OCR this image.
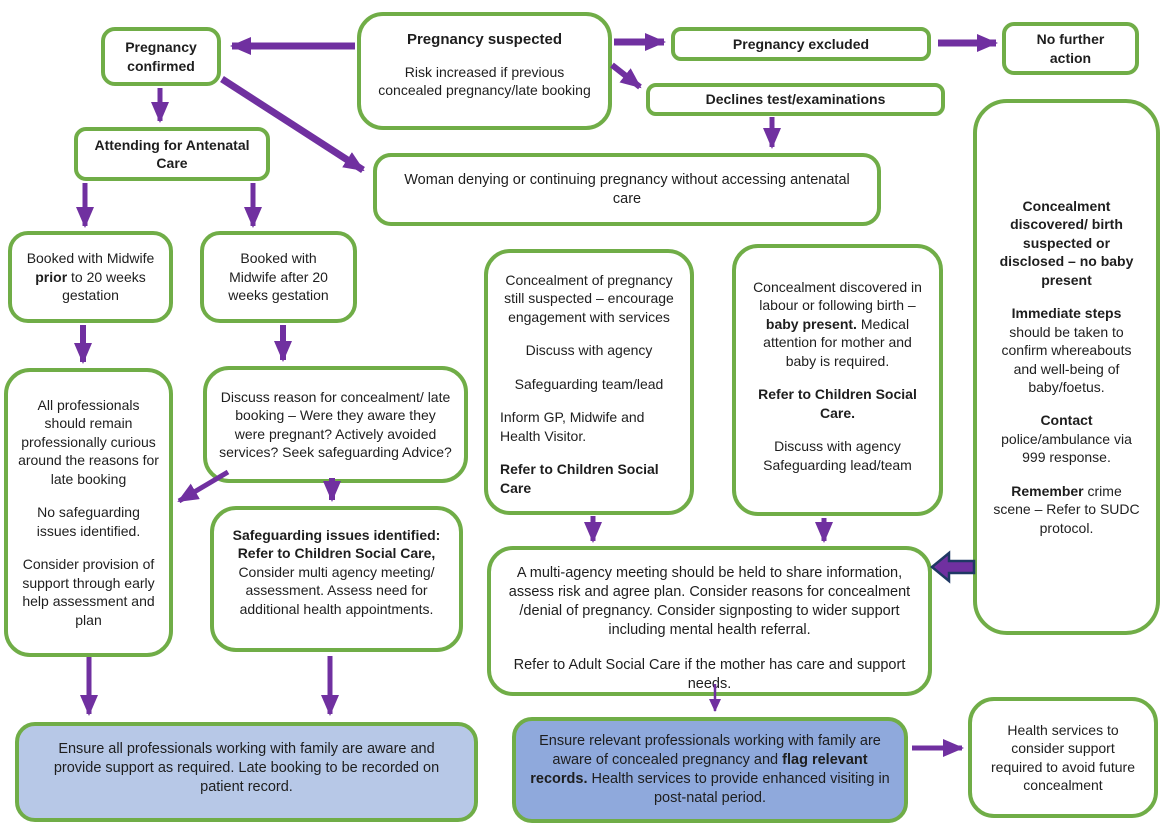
Pregnancy confirmed

Pregnancy suspected

Risk increased if previous concealed pregnancy/late booking

Pregnancy excluded	No further action
Declines test/examinations
Attending for Antenatal Care
Woman denying or continuing pregnancy without accessing antenatal care
Booked with Midwife prior to 20 weeks gestation
Booked with Midwife after 20 weeks gestation

All professionals should remain professionally curious around the reasons for late booking

No safeguarding issues identified.

Consider provision of support through early help assessment and plan

Discuss reason for concealment/ late booking – Were they aware they were pregnant? Actively avoided services? Seek safeguarding Advice?
Safeguarding issues identified: Refer to Children Social Care, Consider multi agency meeting/ assessment. Assess need for additional health appointments.

Concealment of pregnancy still suspected – encourage engagement with services

Discuss with agency

Safeguarding team/lead

Inform GP, Midwife and Health Visitor.

Refer to Children Social Care

Concealment discovered in labour or following birth – baby present. Medical attention for mother and baby is required.

Refer to Children Social Care.

Discuss with agency Safeguarding lead/team

Concealment discovered/ birth suspected or disclosed – no baby present

Immediate steps should be taken to confirm whereabouts and well-being of baby/foetus.

Contact police/ambulance via 999 response.

Remember crime scene – Refer to SUDC protocol.

A multi-agency meeting should be held to share information, assess risk and agree plan. Consider reasons for concealment /denial of pregnancy. Consider signposting to wider support including mental health referral.

Refer to Adult Social Care if the mother has care and support needs.

Ensure all professionals working with family are aware and provide support as required. Late booking to be recorded on patient record.
Ensure relevant professionals working with family are aware of concealed pregnancy and flag relevant records. Health services to provide enhanced visiting in post-natal period.
Health services to consider support required to avoid future concealment
